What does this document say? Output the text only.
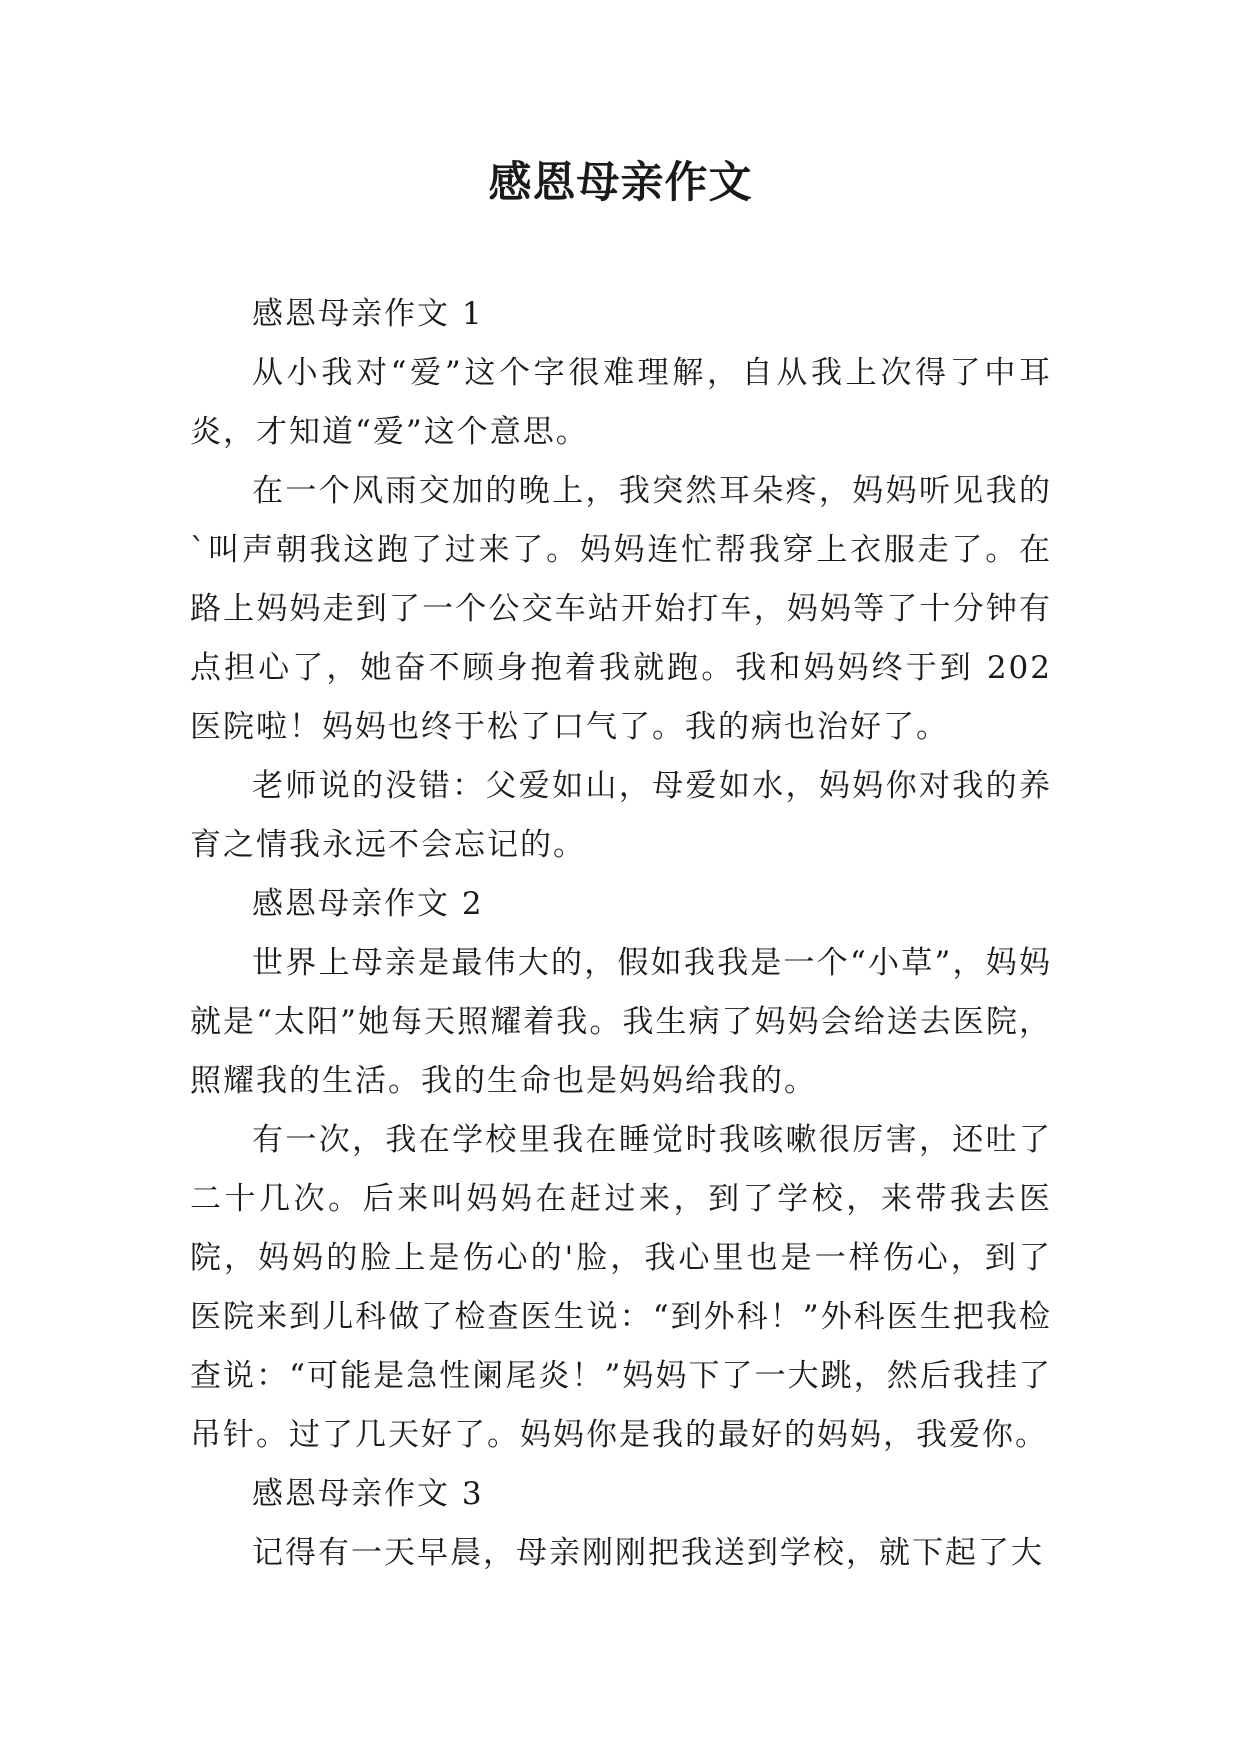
感恩母亲作文

感恩母亲作文 1

从小我对“爱”这个字很难理解，自从我上次得了中耳炎，才知道“爱”这个意思。

在一个风雨交加的晚上，我突然耳朵疼，妈妈听见我的`叫声朝我这跑了过来了。妈妈连忙帮我穿上衣服走了。在路上妈妈走到了一个公交车站开始打车，妈妈等了十分钟有点担心了，她奋不顾身抱着我就跑。我和妈妈终于到 202 医院啦！妈妈也终于松了口气了。我的病也治好了。

老师说的没错：父爱如山，母爱如水，妈妈你对我的养育之情我永远不会忘记的。

感恩母亲作文 2

世界上母亲是最伟大的，假如我我是一个“小草”，妈妈就是“太阳”她每天照耀着我。我生病了妈妈会给送去医院，照耀我的生活。我的生命也是妈妈给我的。

有一次，我在学校里我在睡觉时我咳嗽很厉害，还吐了二十几次。后来叫妈妈在赶过来，到了学校，来带我去医院，妈妈的脸上是伤心的'脸，我心里也是一样伤心，到了医院来到儿科做了检查医生说：“到外科！”外科医生把我检查说：“可能是急性阑尾炎！”妈妈下了一大跳，然后我挂了吊针。过了几天好了。妈妈你是我的最好的妈妈，我爱你。

感恩母亲作文 3

记得有一天早晨，母亲刚刚把我送到学校，就下起了大
